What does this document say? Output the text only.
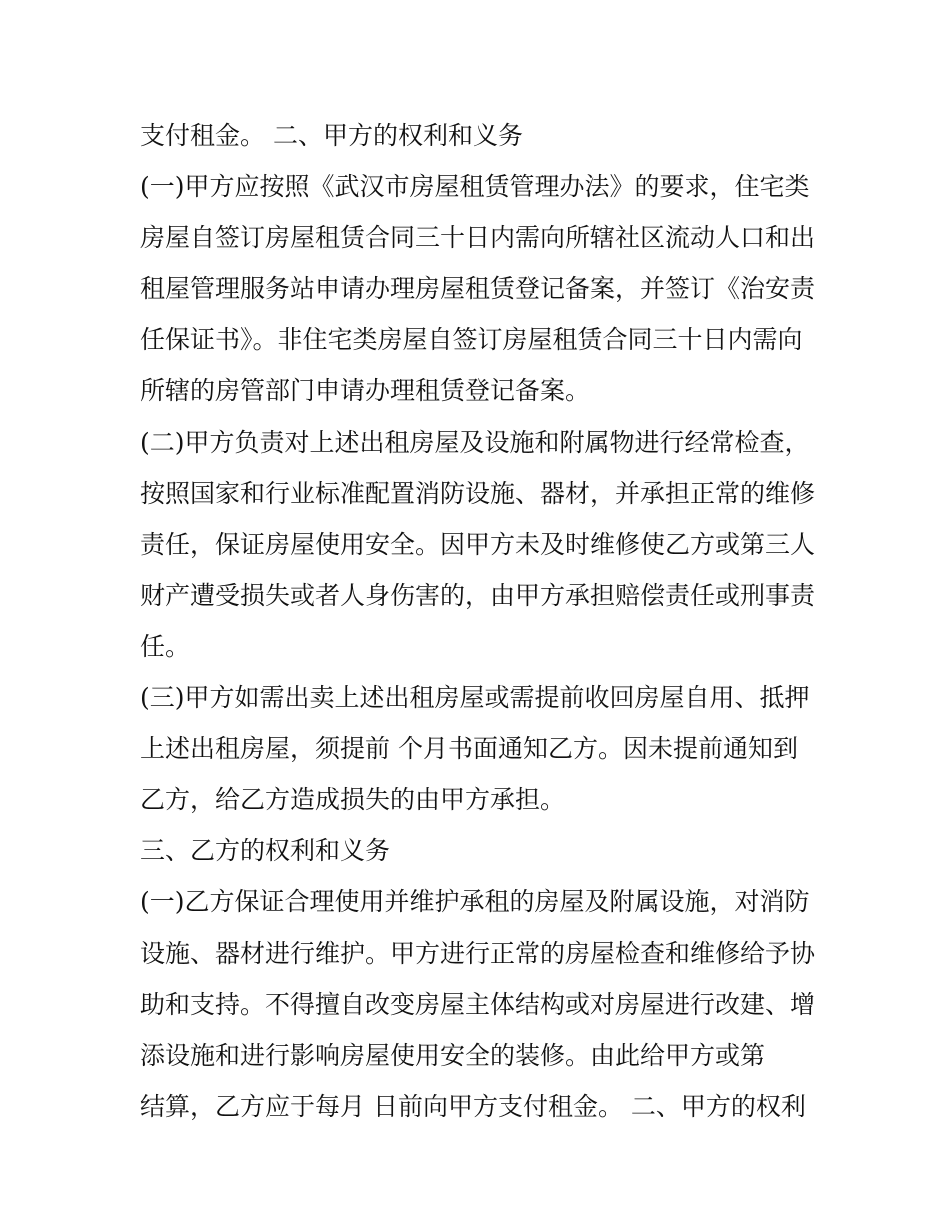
支付租金。 二、甲方的权利和义务
(一)甲方应按照《武汉市房屋租赁管理办法》的要求，住宅类
房屋自签订房屋租赁合同三十日内需向所辖社区流动人口和出
租屋管理服务站申请办理房屋租赁登记备案，并签订《治安责
任保证书》。非住宅类房屋自签订房屋租赁合同三十日内需向
所辖的房管部门申请办理租赁登记备案。
(二)甲方负责对上述出租房屋及设施和附属物进行经常检查，
按照国家和行业标准配置消防设施、器材，并承担正常的维修
责任，保证房屋使用安全。因甲方未及时维修使乙方或第三人
财产遭受损失或者人身伤害的，由甲方承担赔偿责任或刑事责
任。
(三)甲方如需出卖上述出租房屋或需提前收回房屋自用、抵押
上述出租房屋，须提前 个月书面通知乙方。因未提前通知到
乙方，给乙方造成损失的由甲方承担。
三、乙方的权利和义务
(一)乙方保证合理使用并维护承租的房屋及附属设施，对消防
设施、器材进行维护。甲方进行正常的房屋检查和维修给予协
助和支持。不得擅自改变房屋主体结构或对房屋进行改建、增
添设施和进行影响房屋使用安全的装修。由此给甲方或第
结算，乙方应于每月 日前向甲方支付租金。 二、甲方的权利
